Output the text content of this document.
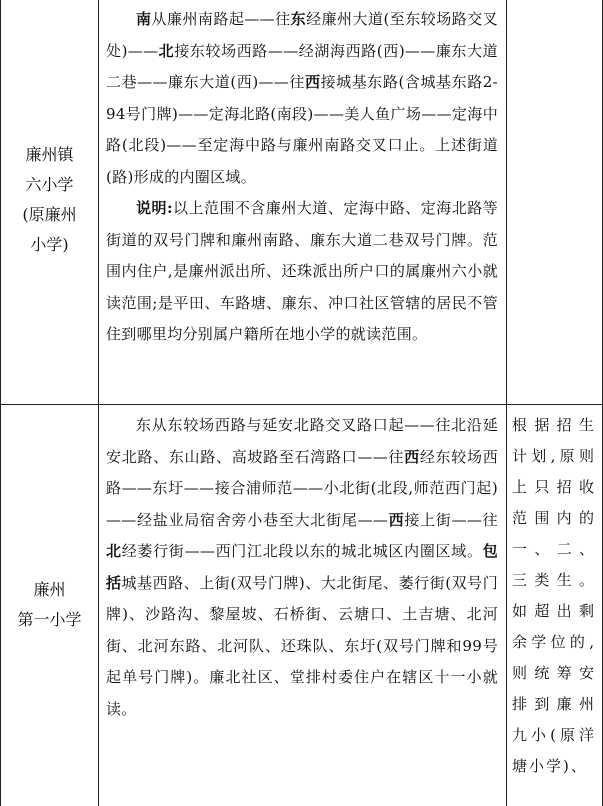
廉州镇
六小学
(原廉州
小学)

南从廉州南路起——往东经廉州大道(至东较场路交叉处)——北接东较场西路——经湖海西路(西)——廉东大道二巷——廉东大道(西)——往西接城基东路(含城基东路2-94号门牌)——定海北路(南段)——美人鱼广场——定海中路(北段)——至定海中路与廉州南路交叉口止。上述街道(路)形成的内圈区域。

说明:以上范围不含廉州大道、定海中路、定海北路等街道的双号门牌和廉州南路、廉东大道二巷双号门牌。范围内住户,是廉州派出所、还珠派出所户口的属廉州六小就读范围;是平田、车路塘、廉东、冲口社区管辖的居民不管住到哪里均分别属户籍所在地小学的就读范围。

廉州
第一小学

东从东较场西路与延安北路交叉路口起——往北沿延安北路、东山路、高坡路至石湾路口——往西经东较场西路——东圩——接合浦师范——小北街(北段,师范西门起)——经盐业局宿舍旁小巷至大北街尾——西接上街——往北经萎行街——西门江北段以东的城北城区内圈区域。包括城基西路、上街(双号门牌)、大北街尾、萎行街(双号门牌)、沙路沟、黎屋坡、石桥街、云塘口、土吉塘、北河街、北河东路、北河队、还珠队、东圩(双号门牌和99号起单号门牌)。廉北社区、堂排村委住户在辖区十一小就读。

根据招生计划,原则上只招收范围内的一、二、三类生。如超出剩余学位的,则统筹安排到廉州九小(原洋塘小学)、
